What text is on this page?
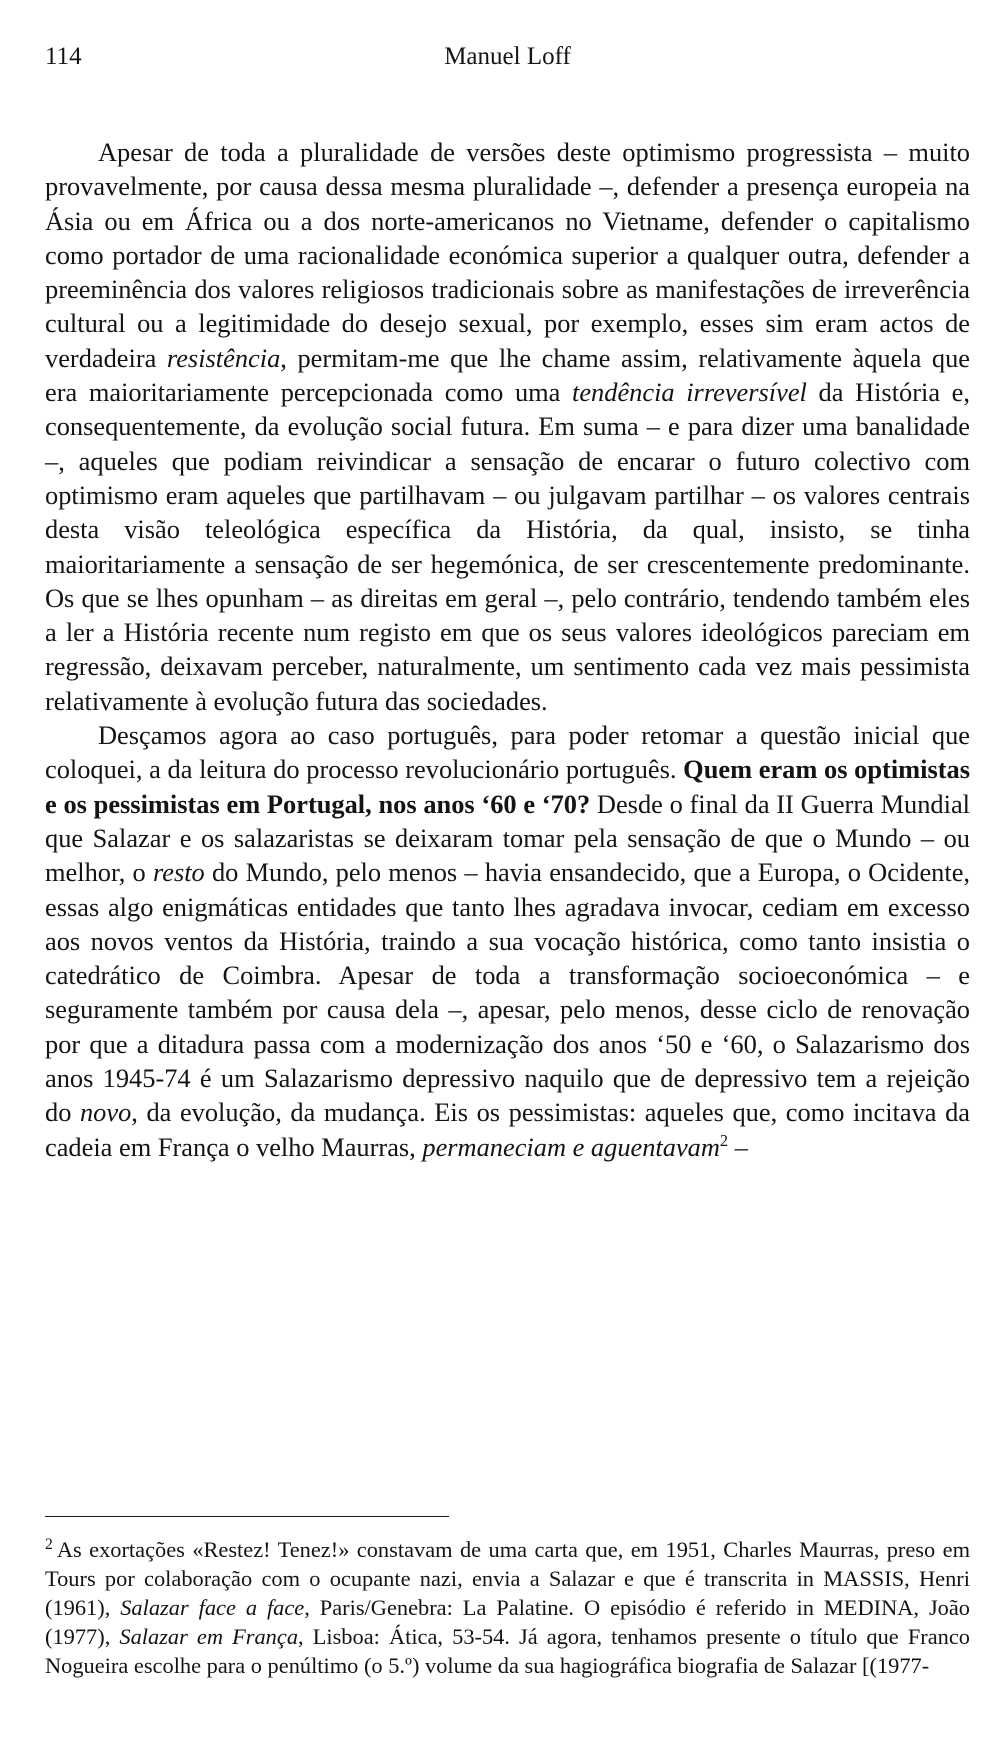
114	Manuel Loff

Apesar de toda a pluralidade de versões deste optimismo progressista – muito provavelmente, por causa dessa mesma pluralidade –, defender a presença europeia na Ásia ou em África ou a dos norte-americanos no Vietname, defender o capitalismo como portador de uma racionalidade económica superior a qualquer outra, defender a preeminência dos valores religiosos tradicionais sobre as manifestações de irreverência cultural ou a legitimidade do desejo sexual, por exemplo, esses sim eram actos de verdadeira resistência, permitam-me que lhe chame assim, relativamente àquela que era maioritariamente percepcionada como uma tendência irreversível da História e, consequentemente, da evolução social futura. Em suma – e para dizer uma banalidade –, aqueles que podiam reivindicar a sensação de encarar o futuro colectivo com optimismo eram aqueles que partilhavam – ou julgavam partilhar – os valores centrais desta visão teleológica específica da História, da qual, insisto, se tinha maioritariamente a sensação de ser hegemónica, de ser crescentemente predominante. Os que se lhes opunham – as direitas em geral –, pelo contrário, tendendo também eles a ler a História recente num registo em que os seus valores ideológicos pareciam em regressão, deixavam perceber, naturalmente, um sentimento cada vez mais pessimista relativamente à evolução futura das sociedades.

Desçamos agora ao caso português, para poder retomar a questão inicial que coloquei, a da leitura do processo revolucionário português. Quem eram os optimistas e os pessimistas em Portugal, nos anos ‘60 e ‘70? Desde o final da II Guerra Mundial que Salazar e os salazaristas se deixaram tomar pela sensação de que o Mundo – ou melhor, o resto do Mundo, pelo menos – havia ensandecido, que a Europa, o Ocidente, essas algo enigmáticas entidades que tanto lhes agradava invocar, cediam em excesso aos novos ventos da História, traindo a sua vocação histórica, como tanto insistia o catedrático de Coimbra. Apesar de toda a transformação socioeconómica – e seguramente também por causa dela –, apesar, pelo menos, desse ciclo de renovação por que a ditadura passa com a modernização dos anos ‘50 e ‘60, o Salazarismo dos anos 1945-74 é um Salazarismo depressivo naquilo que de depressivo tem a rejeição do novo, da evolução, da mudança. Eis os pessimistas: aqueles que, como incitava da cadeia em França o velho Maurras, permaneciam e aguentavam$^2$ –

$^2$ As exortações «Restez! Tenez!» constavam de uma carta que, em 1951, Charles Maurras, preso em Tours por colaboração com o ocupante nazi, envia a Salazar e que é transcrita in MASSIS, Henri (1961), Salazar face a face, Paris/Genebra: La Palatine. O episódio é referido in MEDINA, João (1977), Salazar em França, Lisboa: Ática, 53-54. Já agora, tenhamos presente o título que Franco Nogueira escolhe para o penúltimo (o 5.º) volume da sua hagiográfica biografia de Salazar [(1977-
